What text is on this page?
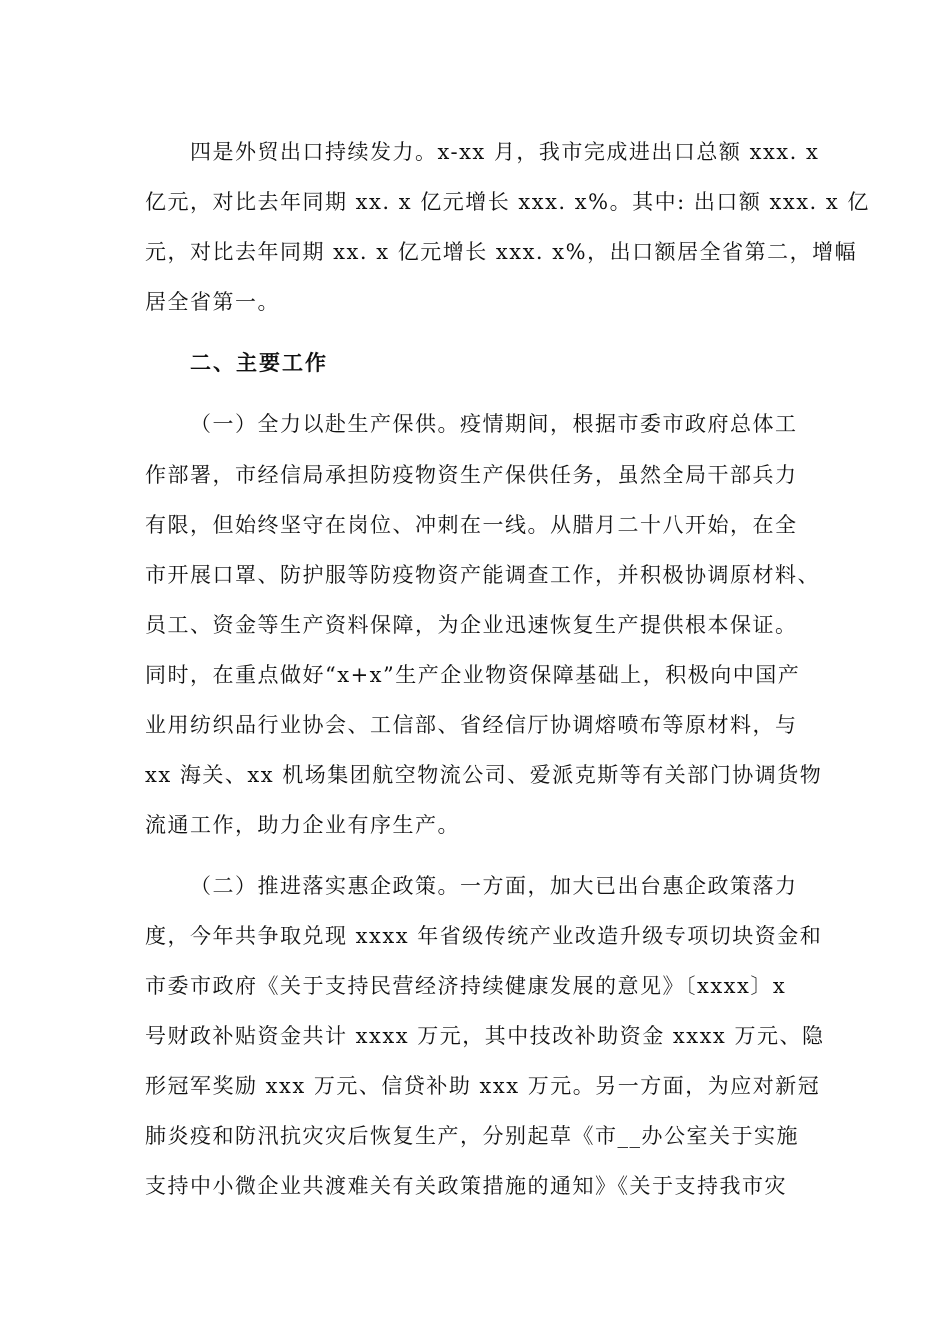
四是外贸出口持续发力。x-xx 月，我市完成进出口总额 xxx. x
亿元，对比去年同期 xx. x 亿元增长 xxx. x%。其中: 出口额 xxx. x 亿
元，对比去年同期 xx. x 亿元增长 xxx. x%，出口额居全省第二，增幅
居全省第一。
二、主要工作
（一）全力以赴生产保供。疫情期间，根据市委市政府总体工
作部署，市经信局承担防疫物资生产保供任务，虽然全局干部兵力
有限，但始终坚守在岗位、冲刺在一线。从腊月二十八开始，在全
市开展口罩、防护服等防疫物资产能调查工作，并积极协调原材料、
员工、资金等生产资料保障，为企业迅速恢复生产提供根本保证。
同时，在重点做好“x+x”生产企业物资保障基础上，积极向中国产
业用纺织品行业协会、工信部、省经信厅协调熔喷布等原材料，与
xx 海关、xx 机场集团航空物流公司、爱派克斯等有关部门协调货物
流通工作，助力企业有序生产。
（二）推进落实惠企政策。一方面，加大已出台惠企政策落力
度，今年共争取兑现 xxxx 年省级传统产业改造升级专项切块资金和
市委市政府《关于支持民营经济持续健康发展的意见》〔xxxx〕x
号财政补贴资金共计 xxxx 万元，其中技改补助资金 xxxx 万元、隐
形冠军奖励 xxx 万元、信贷补助 xxx 万元。另一方面，为应对新冠
肺炎疫和防汛抗灾灾后恢复生产，分别起草《市__办公室关于实施
支持中小微企业共渡难关有关政策措施的通知》《关于支持我市灾
